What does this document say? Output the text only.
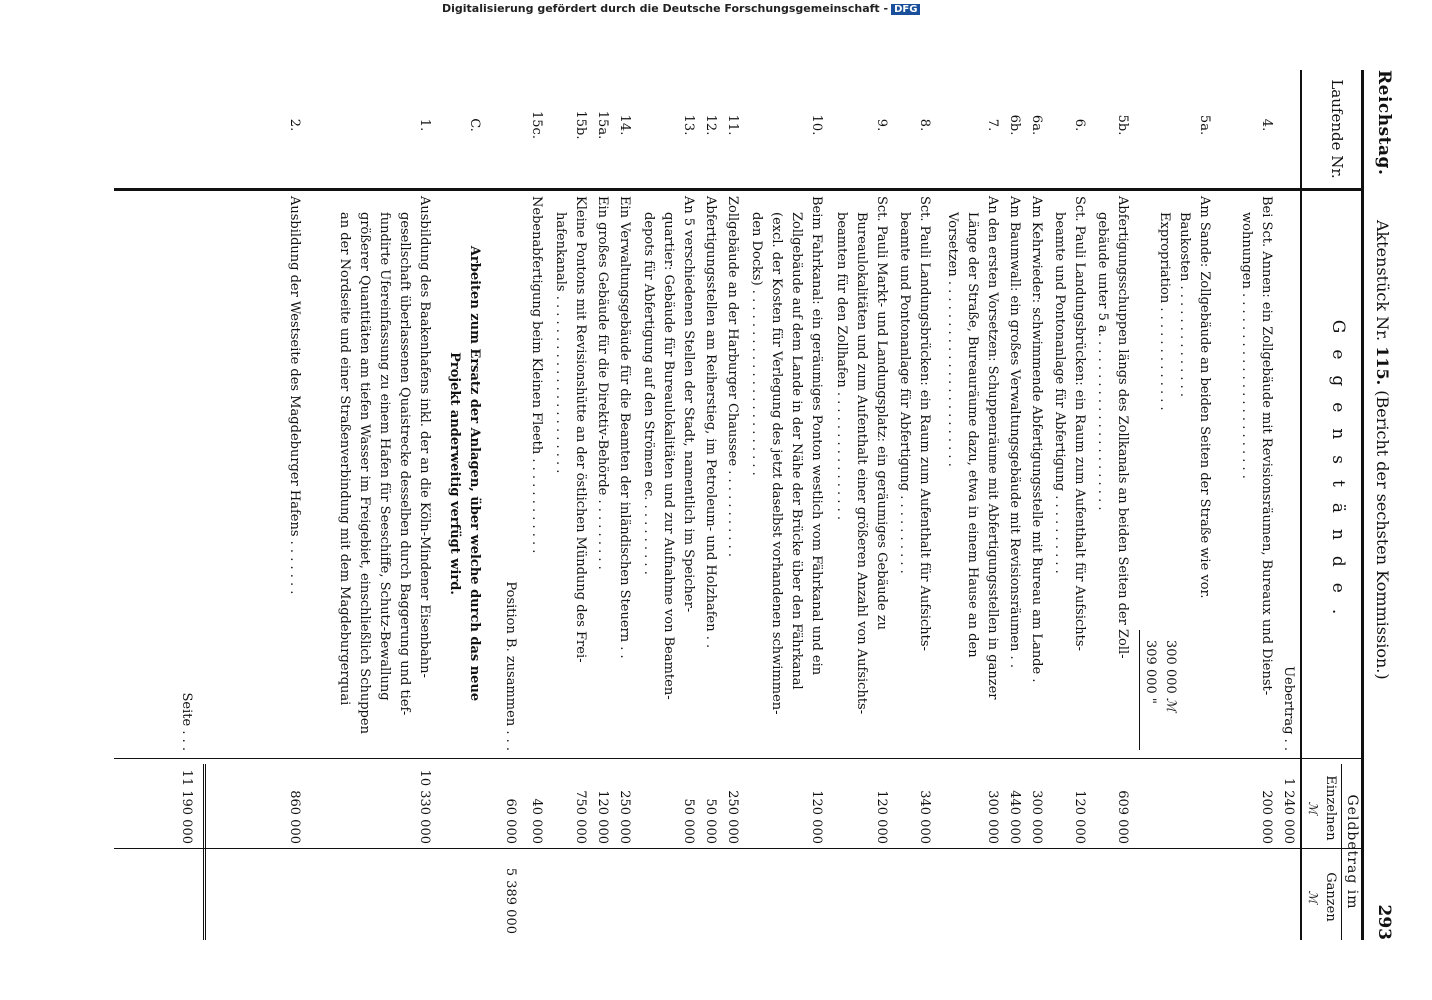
Reichstag.
Aktenstück Nr. 115. (Bericht der sechsten Kommission.)
293
Laufende Nr.
Gegenstände.
Geldbetrag im
Einzelnen
Ganzen
ℳ
ℳ
300 000 ℳ
309 000 "	Uebertrag . .
1 240 000
4.
Bei Sct. Annen: ein Zollgebäude mit Revisionsräumen, Bureaux und Dienst-
wohnungen . . . . . . . . . . . . . . . . . . . . . . .
200 000
5a.
Am Sande: Zollgebäude an beiden Seiten der Straße wie vor.
Baukosten . . . . . . . . . . . . . .
Expropriation . . . . . . . . . . . . .
5b.
Abfertigungsschuppen längs des Zollkanals an beiden Seiten der Zoll-
gebäude unter 5 a. . . . . . . . . . . . . . . . . . . . . .
609 000
6.
Sct. Pauli Landungsbrücken: ein Raum zum Aufenthalt für Aufsichts-
beamte und Pontonanlage für Abfertigung . . . . . . . . . .
120 000
6a.
Am Kehrwieder: schwimmende Abfertigungsstelle mit Bureau am Lande .
300 000
6b.
Am Baumwall: ein großes Verwaltungsgebäude mit Revisionsräumen . .
440 000
7.
An den ersten Vorsetzen: Schuppenräume mit Abfertigungsstellen in ganzer
Länge der Straße, Bureauräume dazu, etwa in einem Hause an den
Vorsetzen . . . . . . . . . . . . . . . . . . . . . . .
300 000
8.
Sct. Pauli Landungsbrücken: ein Raum zum Aufenthalt für Aufsichts-
beamte und Pontonanlage für Abfertigung . . . . . . . . . .
340 000
9.
Sct. Pauli Markt- und Landungsplatz: ein geräumiges Gebäude zu
Bureaulokalitäten und zum Aufenthalt einer größeren Anzahl von Aufsichts-
beamten für den Zollhafen . . . . . . . . . . . . . . . .
120 000
10.
Beim Fahrkanal: ein geräumiges Ponton westlich vom Fährkanal und ein
Zollgebäude auf dem Lande in der Nähe der Brücke über den Fährkanal
(excl. der Kosten für Verlegung des jetzt daselbst vorhandenen schwimmen-
den Docks) . . . . . . . . . . . . . . . . . . . . . . .
120 000
11.
Zollgebäude an der Harburger Chaussee . . . . . . . . . . .
250 000
12.
Abfertigungsstellen am Reiherstieg, im Petroleum- und Holzhafen . .
50 000
13.
An 5 verschiedenen Stellen der Stadt, namentlich im Speicher-
quartier: Gebäude für Bureaulokalitäten und zur Aufnahme von Beamten-
depots für Abfertigung auf den Strömen ec. . . . . . . . . .
50 000
14.
Ein Verwaltungsgebäude für die Beamten der inländischen Steuern . .
250 000
15a.
Ein großes Gebäude für die Direktiv-Behörde . . . . . . . . .
120 000
15b.
Kleine Pontons mit Revisionshütte an der östlichen Mündung des Frei-
hafenkanals . . . . . . . . . . . . . . . . . . . . . .
750 000
15c.
Nebenabfertigung beim Kleinen Fleeth . . . . . . . . . . . .
40 000
Position B. zusammen . . .
60 000
5 389 000
C.
Arbeiten zum Ersatz der Anlagen, über welche durch das neue
Projekt anderweitig verfügt wird.
1.
Ausbildung des Baakenhafens inkl. der an die Köln-Mindener Eisenbahn-
gesellschaft überlassenen Quaistrecke desselben durch Baggerung und tief-
fundirte Ufereinfassung zu einem Hafen für Seeschiffe, Schutz-Bewallung
größerer Quantitäten am tiefen Wasser im Freigebiet, einschließlich Schuppen
an der Nordseite und einer Straßenverbindung mit dem Magdeburgerquai
10 330 000
2.
Ausbildung der Westseite des Magdeburger Hafens . . . . . . .
860 000
Seite . . .
11 190 000
Digitalisierung gefördert durch die Deutsche Forschungsgemeinschaft - DFG
